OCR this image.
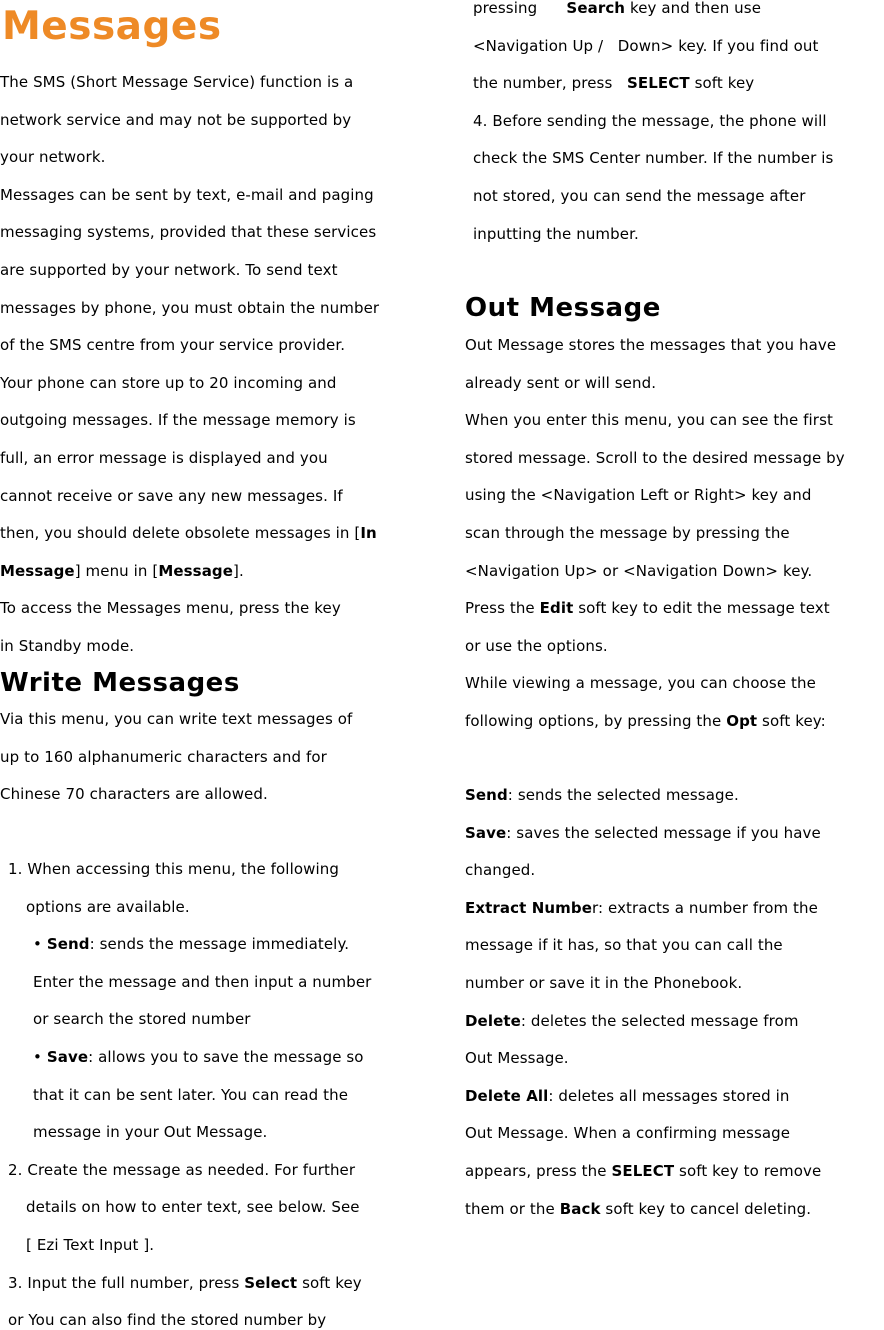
Messages
The SMS (Short Message Service) function is a
network service and may not be supported by
your network.
Messages can be sent by text, e-mail and paging
messaging systems, provided that these services
are supported by your network. To send text
messages by phone, you must obtain the number
of the SMS centre from your service provider.
Your phone can store up to 20 incoming and
outgoing messages. If the message memory is
full, an error message is displayed and you
cannot receive or save any new messages. If
then, you should delete obsolete messages in [In
Message] menu in [Message].
To access the Messages menu, press the key
in Standby mode.
Write Messages
Via this menu, you can write text messages of
up to 160 alphanumeric characters and for
Chinese 70 characters are allowed.
1. When accessing this menu, the following
options are available.
• Send: sends the message immediately.
Enter the message and then input a number
or search the stored number
• Save: allows you to save the message so
that it can be sent later. You can read the
message in your Out Message.
2. Create the message as needed. For further
details on how to enter text, see below. See
[ Ezi Text Input ].
3. Input the full number, press Select soft key
or You can also find the stored number by
pressing      Search key and then use
<Navigation Up /   Down> key. If you find out
the number, press   SELECT soft key
4. Before sending the message, the phone will
check the SMS Center number. If the number is
not stored, you can send the message after
inputting the number.
Out Message
Out Message stores the messages that you have
already sent or will send.
When you enter this menu, you can see the first
stored message. Scroll to the desired message by
using the <Navigation Left or Right> key and
scan through the message by pressing the
<Navigation Up> or <Navigation Down> key.
Press the Edit soft key to edit the message text
or use the options.
While viewing a message, you can choose the
following options, by pressing the Opt soft key:
Send: sends the selected message.
Save: saves the selected message if you have
changed.
Extract Number: extracts a number from the
message if it has, so that you can call the
number or save it in the Phonebook.
Delete: deletes the selected message from
Out Message.
Delete All: deletes all messages stored in
Out Message. When a confirming message
appears, press the SELECT soft key to remove
them or the Back soft key to cancel deleting.
